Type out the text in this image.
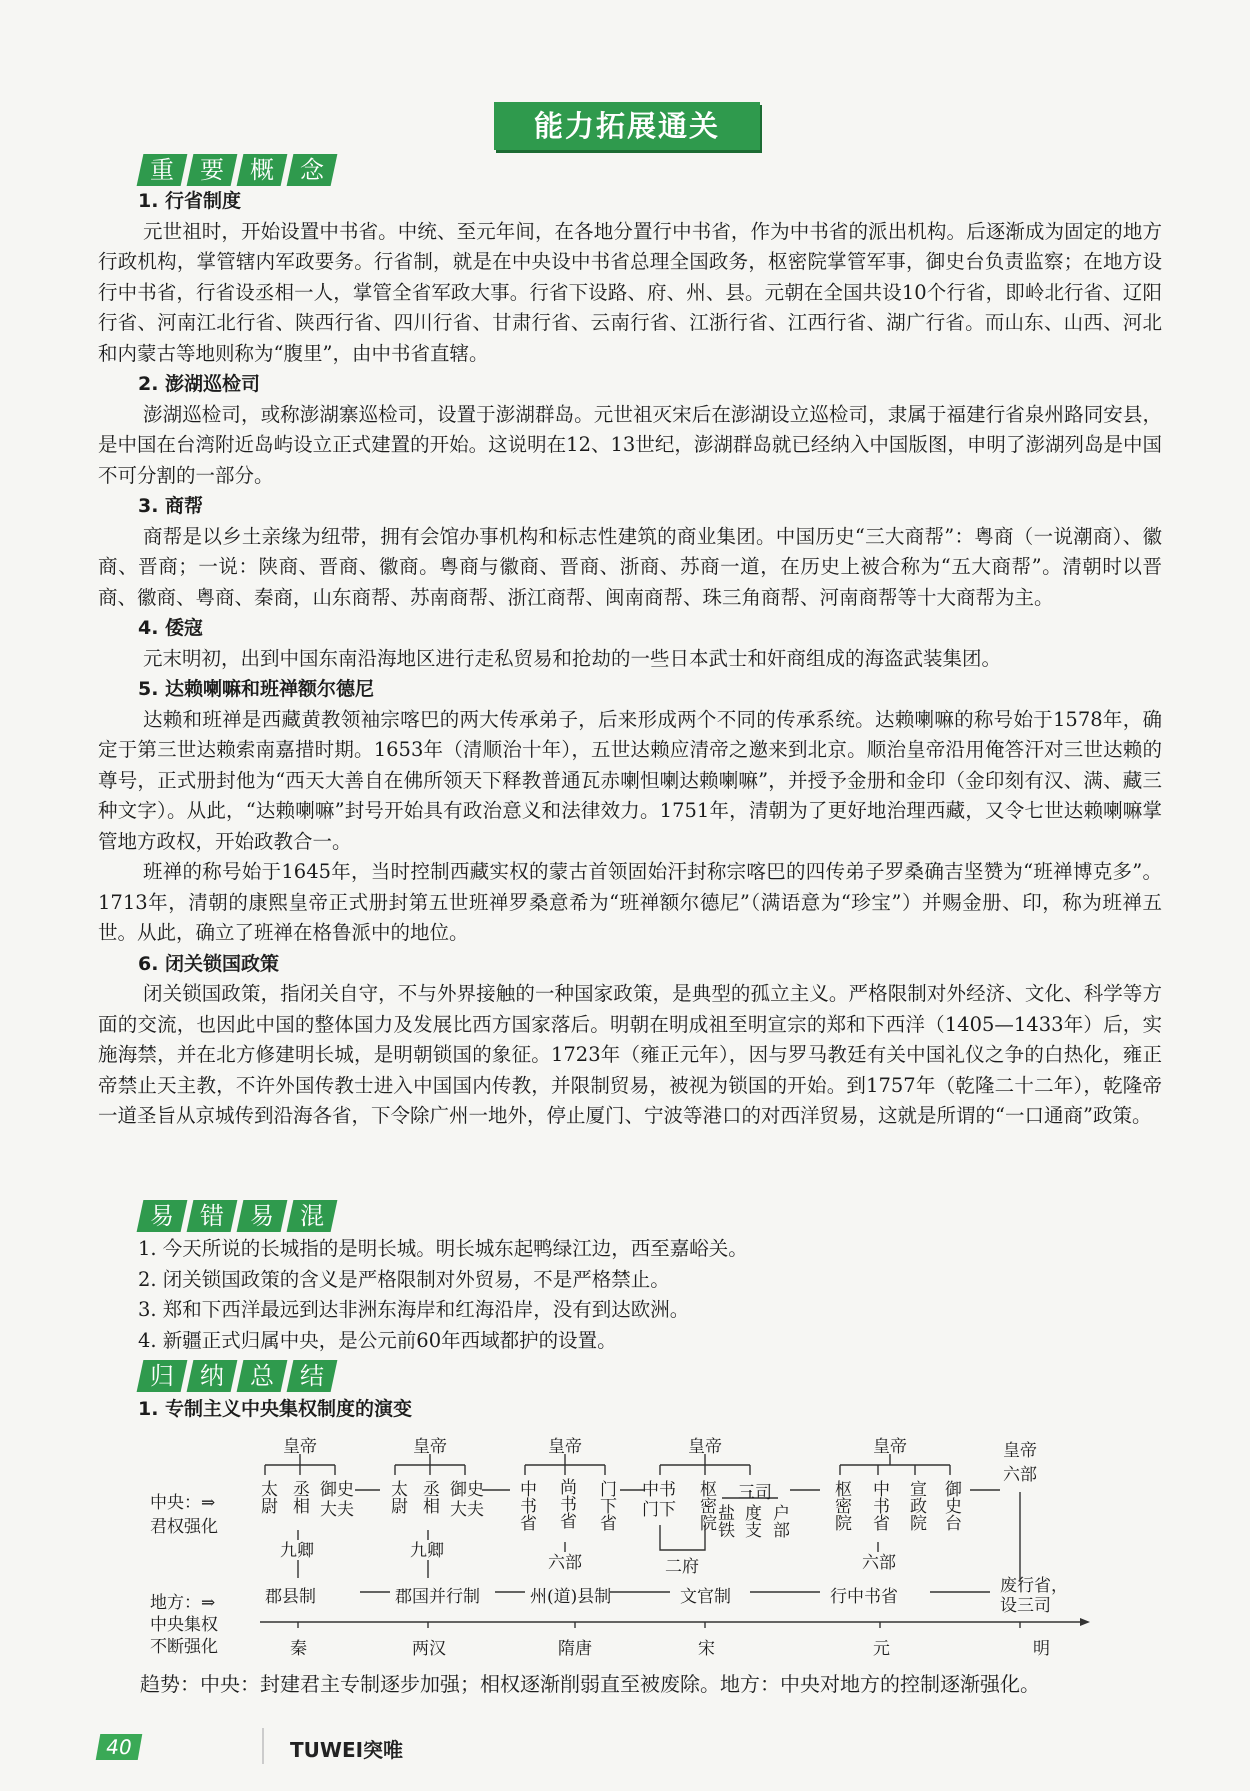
能力拓展通关
重	要	概	念
1. 行省制度
元世祖时，开始设置中书省。中统、至元年间，在各地分置行中书省，作为中书省的派出机构。后逐渐成为固定的地方行政机构，掌管辖内军政要务。行省制，就是在中央设中书省总理全国政务，枢密院掌管军事，御史台负责监察；在地方设行中书省，行省设丞相一人，掌管全省军政大事。行省下设路、府、州、县。元朝在全国共设10个行省，即岭北行省、辽阳行省、河南江北行省、陕西行省、四川行省、甘肃行省、云南行省、江浙行省、江西行省、湖广行省。而山东、山西、河北和内蒙古等地则称为“腹里”，由中书省直辖。
2. 澎湖巡检司
澎湖巡检司，或称澎湖寨巡检司，设置于澎湖群岛。元世祖灭宋后在澎湖设立巡检司，隶属于福建行省泉州路同安县，是中国在台湾附近岛屿设立正式建置的开始。这说明在12、13世纪，澎湖群岛就已经纳入中国版图，申明了澎湖列岛是中国不可分割的一部分。
3. 商帮
商帮是以乡土亲缘为纽带，拥有会馆办事机构和标志性建筑的商业集团。中国历史“三大商帮”：粤商（一说潮商）、徽商、晋商；一说：陕商、晋商、徽商。粤商与徽商、晋商、浙商、苏商一道，在历史上被合称为“五大商帮”。清朝时以晋商、徽商、粤商、秦商，山东商帮、苏南商帮、浙江商帮、闽南商帮、珠三角商帮、河南商帮等十大商帮为主。
4. 倭寇
元末明初，出到中国东南沿海地区进行走私贸易和抢劫的一些日本武士和奸商组成的海盗武装集团。
5. 达赖喇嘛和班禅额尔德尼
达赖和班禅是西藏黄教领袖宗喀巴的两大传承弟子，后来形成两个不同的传承系统。达赖喇嘛的称号始于1578年，确定于第三世达赖索南嘉措时期。1653年（清顺治十年），五世达赖应清帝之邀来到北京。顺治皇帝沿用俺答汗对三世达赖的尊号，正式册封他为“西天大善自在佛所领天下释教普通瓦赤喇怛喇达赖喇嘛”，并授予金册和金印（金印刻有汉、满、藏三种文字）。从此，“达赖喇嘛”封号开始具有政治意义和法律效力。1751年，清朝为了更好地治理西藏，又令七世达赖喇嘛掌管地方政权，开始政教合一。
班禅的称号始于1645年，当时控制西藏实权的蒙古首领固始汗封称宗喀巴的四传弟子罗桑确吉坚赞为“班禅博克多”。1713年，清朝的康熙皇帝正式册封第五世班禅罗桑意希为“班禅额尔德尼”（满语意为“珍宝”）并赐金册、印，称为班禅五世。从此，确立了班禅在格鲁派中的地位。
6. 闭关锁国政策
闭关锁国政策，指闭关自守，不与外界接触的一种国家政策，是典型的孤立主义。严格限制对外经济、文化、科学等方面的交流，也因此中国的整体国力及发展比西方国家落后。明朝在明成祖至明宣宗的郑和下西洋（1405—1433年）后，实施海禁，并在北方修建明长城，是明朝锁国的象征。1723年（雍正元年），因与罗马教廷有关中国礼仪之争的白热化，雍正帝禁止天主教，不许外国传教士进入中国国内传教，并限制贸易，被视为锁国的开始。到1757年（乾隆二十二年），乾隆帝一道圣旨从京城传到沿海各省，下令除广州一地外，停止厦门、宁波等港口的对西洋贸易，这就是所谓的“一口通商”政策。
易	错	易	混
1. 今天所说的长城指的是明长城。明长城东起鸭绿江边，西至嘉峪关。
2. 闭关锁国政策的含义是严格限制对外贸易，不是严格禁止。
3. 郑和下西洋最远到达非洲东海岸和红海沿岸，没有到达欧洲。
4. 新疆正式归属中央，是公元前60年西域都护的设置。
归	纳	总	结
1. 专制主义中央集权制度的演变
中央：⇒
君权强化
地方：⇒
中央集权
不断强化
皇帝
太尉 丞相 御史大夫
九卿
皇帝
太尉 丞相 御史大夫
九卿
皇帝
中书省 尚书省 门下省
六部
皇帝
中书门下	枢密院 三司
盐铁 度支 户部
二府
皇帝
枢密院 中书省 宣政院 御史台
六部
皇帝
六部
郡县制	郡国并行制	州(道)县制	文官制	行中书省
废行省，设三司
秦	两汉	隋唐	宋	元	明
趋势：中央：封建君主专制逐步加强；相权逐渐削弱直至被废除。地方：中央对地方的控制逐渐强化。
40	TUWEI突唯
